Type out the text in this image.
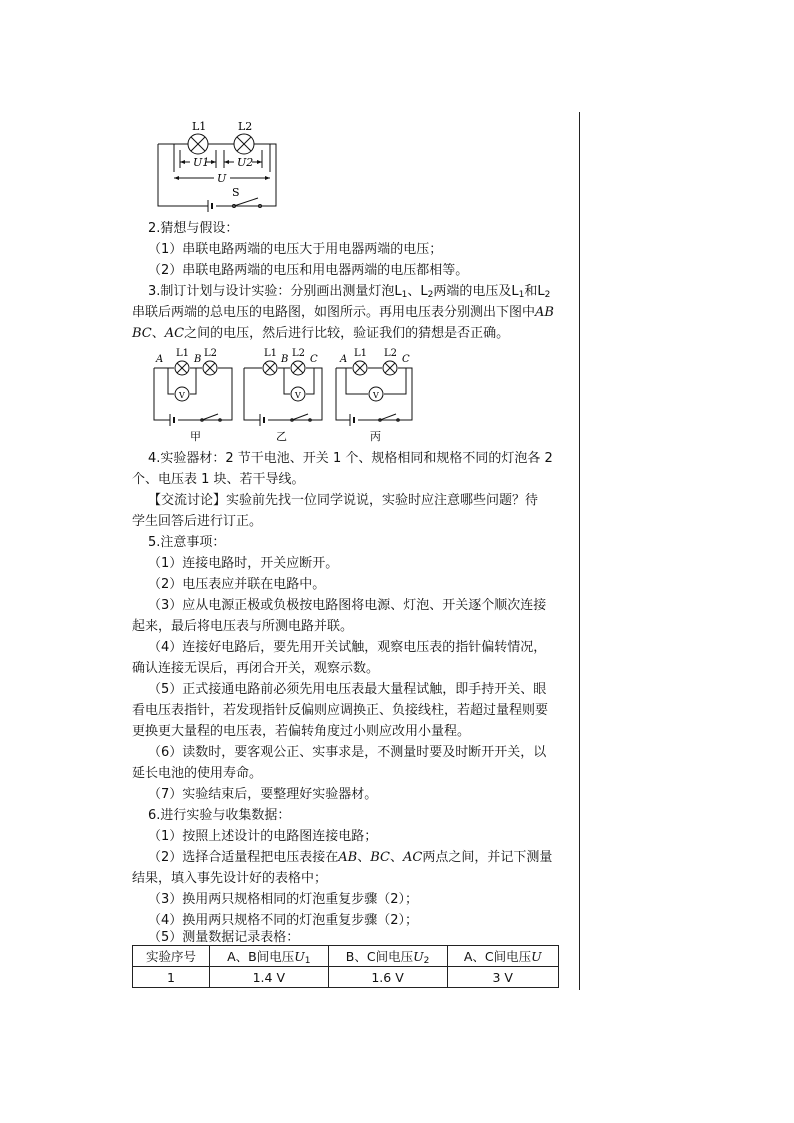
L1	L2
U1	U2
U
S
2.猜想与假设：
（1）串联电路两端的电压大于用电器两端的电压；
（2）串联电路两端的电压和用电器两端的电压都相等。
3.制订计划与设计实验：分别画出测量灯泡$L_1$、$L_2$两端的电压及$L_1$和$L_2$
串联后两端的总电压的电路图，如图所示。再用电压表分别测出下图中AB
BC、AC之间的电压，然后进行比较，验证我们的猜想是否正确。
A
L1
B
L2
V
L1
B
L2
C
V
A
L1 L2
C
V
甲	乙	丙
4.实验器材：2 节干电池、开关 1 个、规格相同和规格不同的灯泡各 2
个、电压表 1 块、若干导线。
【交流讨论】实验前先找一位同学说说，实验时应注意哪些问题？待
学生回答后进行订正。
5.注意事项：
（1）连接电路时，开关应断开。
（2）电压表应并联在电路中。
（3）应从电源正极或负极按电路图将电源、灯泡、开关逐个顺次连接
起来，最后将电压表与所测电路并联。
（4）连接好电路后，要先用开关试触，观察电压表的指针偏转情况，
确认连接无误后，再闭合开关，观察示数。
（5）正式接通电路前必须先用电压表最大量程试触，即手持开关、眼
看电压表指针，若发现指针反偏则应调换正、负接线柱，若超过量程则要
更换更大量程的电压表，若偏转角度过小则应改用小量程。
（6）读数时，要客观公正、实事求是，不测量时要及时断开开关，以
延长电池的使用寿命。
（7）实验结束后，要整理好实验器材。
6.进行实验与收集数据：
（1）按照上述设计的电路图连接电路；
（2）选择合适量程把电压表接在AB、BC、AC两点之间，并记下测量
结果，填入事先设计好的表格中；
（3）换用两只规格相同的灯泡重复步骤（2）；
（4）换用两只规格不同的灯泡重复步骤（2）；
（5）测量数据记录表格：
实验序号	A、B间电压$U_1$	B、C间电压$U_2$	A、C间电压U
1	1.4 V	1.6 V	3 V
